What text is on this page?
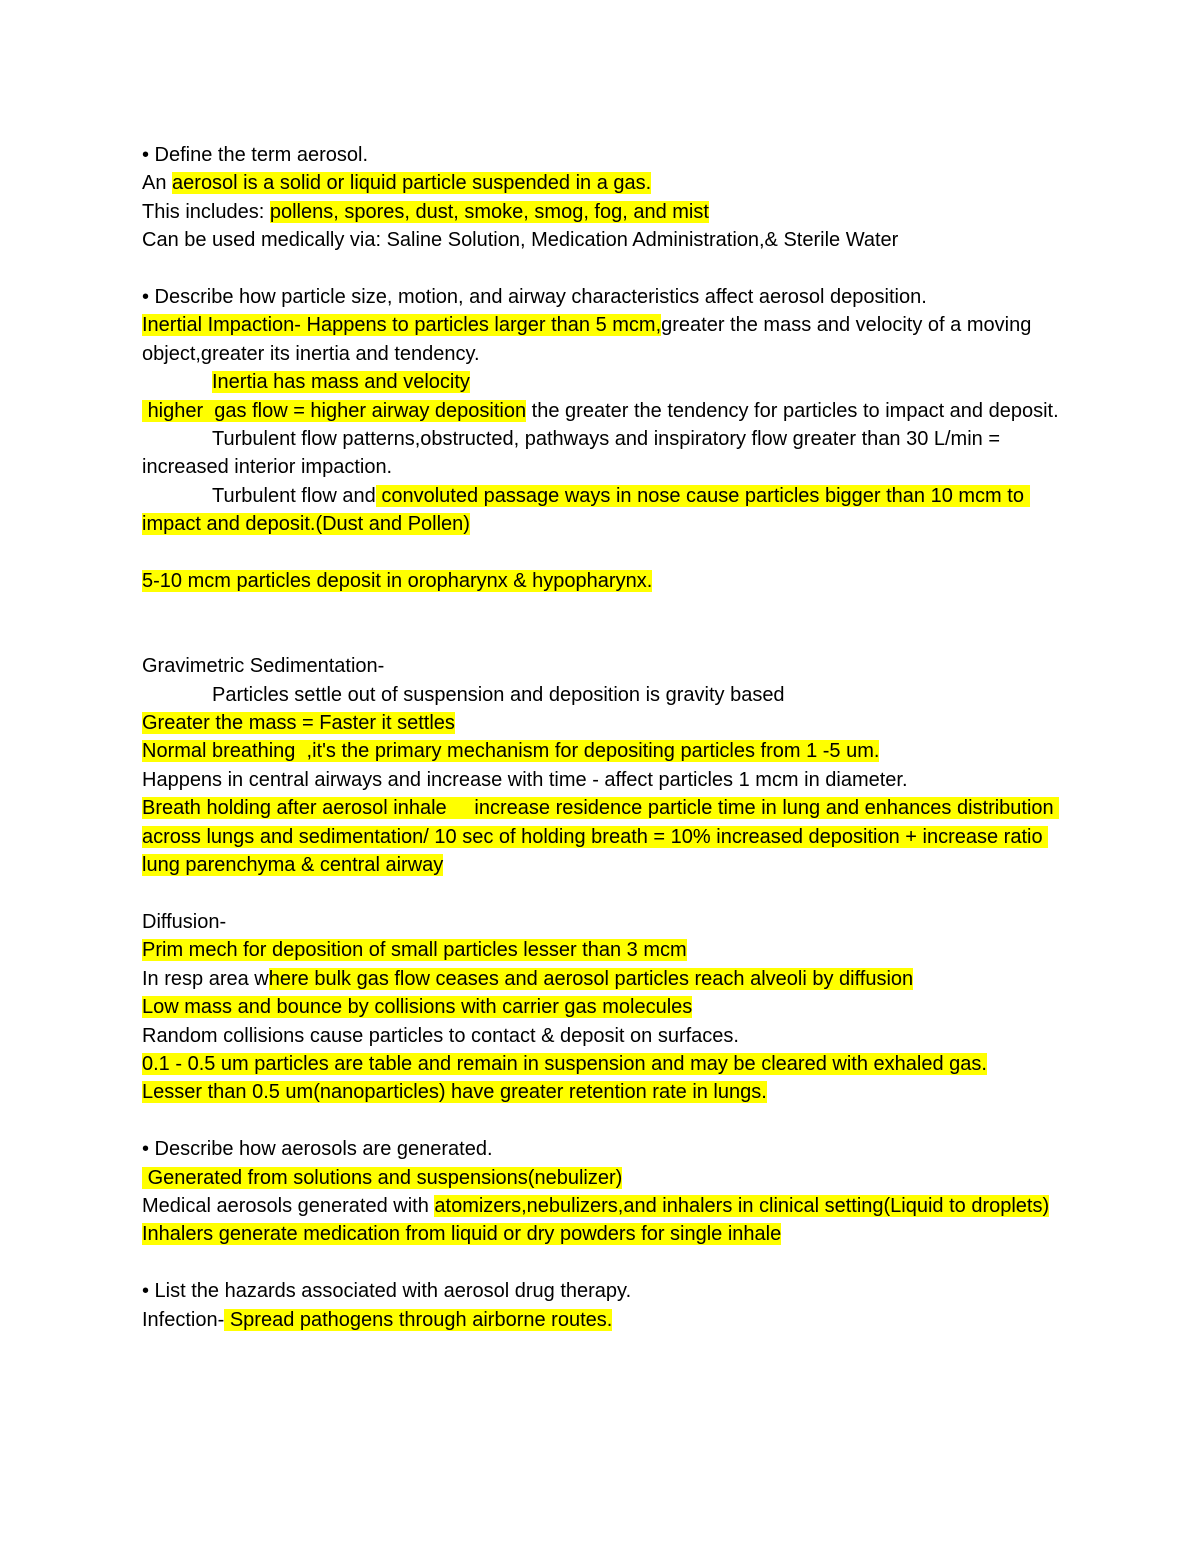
• Define the term aerosol.

An aerosol is a solid or liquid particle suspended in a gas.

This includes: pollens, spores, dust, smoke, smog, fog, and mist

Can be used medically via: Saline Solution, Medication Administration,& Sterile Water

• Describe how particle size, motion, and airway characteristics affect aerosol deposition.

Inertial Impaction- Happens to particles larger than 5 mcm,greater the mass and velocity of a moving object,greater its inertia and tendency.

Inertia has mass and velocity

higher  gas flow = higher airway deposition the greater the tendency for particles to impact and deposit.

Turbulent flow patterns,obstructed, pathways and inspiratory flow greater than 30 L/min = increased interior impaction.

Turbulent flow and convoluted passage ways in nose cause particles bigger than 10 mcm to impact and deposit.(Dust and Pollen)

5-10 mcm particles deposit in oropharynx & hypopharynx.

Gravimetric Sedimentation-

Particles settle out of suspension and deposition is gravity based

Greater the mass = Faster it settles

Normal breathing  ,it's the primary mechanism for depositing particles from 1 -5 um.

Happens in central airways and increase with time - affect particles 1 mcm in diameter.

Breath holding after aerosol inhale     increase residence particle time in lung and enhances distribution across lungs and sedimentation/ 10 sec of holding breath = 10% increased deposition + increase ratio lung parenchyma & central airway

Diffusion-

Prim mech for deposition of small particles lesser than 3 mcm

In resp area where bulk gas flow ceases and aerosol particles reach alveoli by diffusion

Low mass and bounce by collisions with carrier gas molecules

Random collisions cause particles to contact & deposit on surfaces.

0.1 - 0.5 um particles are table and remain in suspension and may be cleared with exhaled gas.

Lesser than 0.5 um(nanoparticles) have greater retention rate in lungs.

• Describe how aerosols are generated.

Generated from solutions and suspensions(nebulizer)

Medical aerosols generated with atomizers,nebulizers,and inhalers in clinical setting(Liquid to droplets)

Inhalers generate medication from liquid or dry powders for single inhale

• List the hazards associated with aerosol drug therapy.

Infection- Spread pathogens through airborne routes.
